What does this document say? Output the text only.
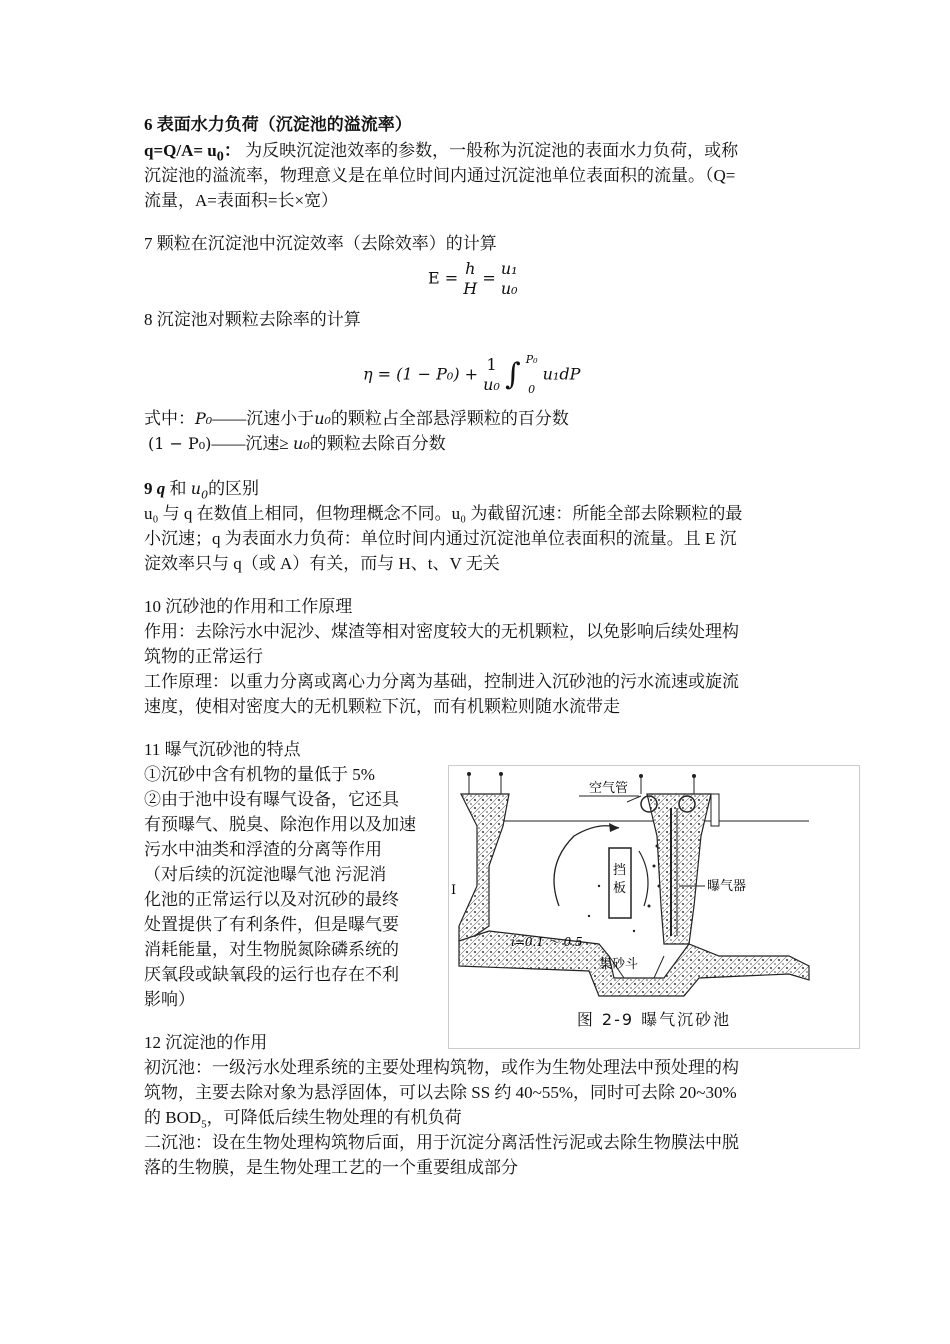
6 表面水力负荷（沉淀池的溢流率）
$q=Q/A= u_0$： 为反映沉淀池效率的参数，一般称为沉淀池的表面水力负荷，或称
沉淀池的溢流率，物理意义是在单位时间内通过沉淀池单位表面积的流量。（Q=
流量，A=表面积=长×宽）
7 颗粒在沉淀池中沉淀效率（去除效率）的计算
E = h
H
= u₁
u₀
8 沉淀池对颗粒去除率的计算
η = (1 − P₀) + 1
u₀ ∫ P₀
0
u₁dP
式中：P₀——沉速小于u₀的颗粒占全部悬浮颗粒的百分数
(1 − P₀)——沉速≥ u₀的颗粒去除百分数
9 q 和 $u_0$的区别
u₀ 与 q 在数值上相同，但物理概念不同。u₀ 为截留沉速：所能全部去除颗粒的最
小沉速；q 为表面水力负荷：单位时间内通过沉淀池单位表面积的流量。且 E 沉
淀效率只与 q（或 A）有关，而与 H、t、V 无关
10 沉砂池的作用和工作原理
作用：去除污水中泥沙、煤渣等相对密度较大的无机颗粒，以免影响后续处理构
筑物的正常运行
工作原理：以重力分离或离心力分离为基础，控制进入沉砂池的污水流速或旋流
速度，使相对密度大的无机颗粒下沉，而有机颗粒则随水流带走
11 曝气沉砂池的特点
①沉砂中含有机物的量低于 5%
②由于池中设有曝气设备，它还具
有预曝气、脱臭、除泡作用以及加速
污水中油类和浮渣的分离等作用
（对后续的沉淀池曝气池 污泥消
化池的正常运行以及对沉砂的最终
处置提供了有利条件，但是曝气要
消耗能量，对生物脱氮除磷系统的
厌氧段或缺氧段的运行也存在不利
影响）
空气管
挡板	曝气器
i=0.1 ～ 0.5
集砂斗
I
图 2-9 曝气沉砂池
12 沉淀池的作用
初沉池：一级污水处理系统的主要处理构筑物，或作为生物处理法中预处理的构
筑物，主要去除对象为悬浮固体，可以去除 SS 约 40~55%，同时可去除 20~30%
的 $BOD_5$，可降低后续生物处理的有机负荷
二沉池：设在生物处理构筑物后面，用于沉淀分离活性污泥或去除生物膜法中脱
落的生物膜，是生物处理工艺的一个重要组成部分
